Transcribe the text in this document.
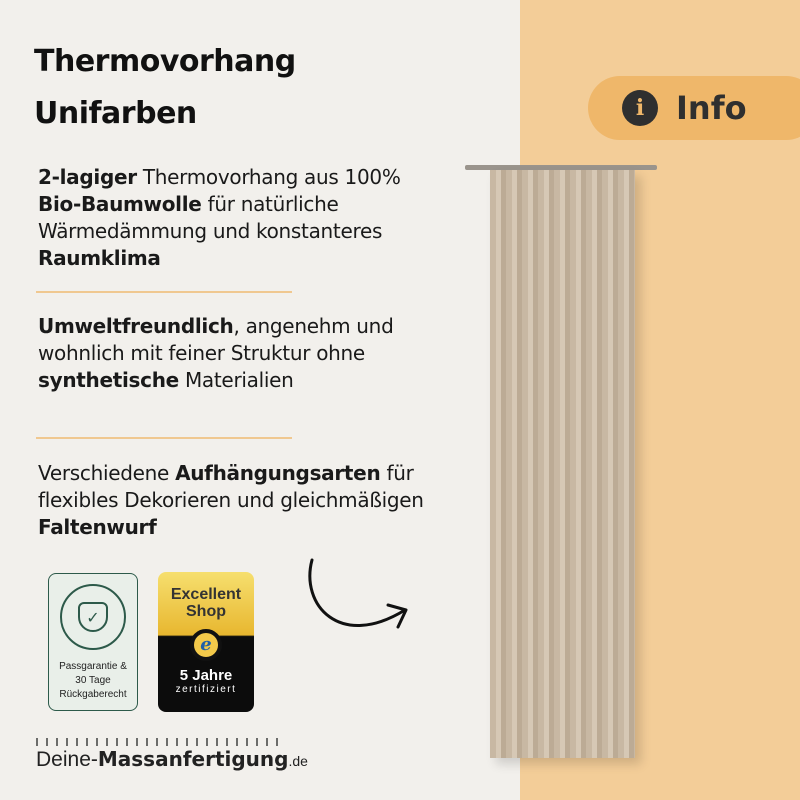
Thermovorhang
Unifarben	i Info
2-lagiger Thermovorhang aus 100% Bio-Baumwolle für natürliche Wärmedämmung und konstanteres Raumklima
Umweltfreundlich, angenehm und wohnlich mit feiner Struktur ohne synthetische Materialien
Verschiedene Aufhängungsarten für flexibles Dekorieren und gleichmäßigen Faltenwurf
✓
Passgarantie &
30 Tage
Rückgaberecht
Excellent
Shop
e
5 Jahre
zertifiziert
Deine-Massanfertigung.de
